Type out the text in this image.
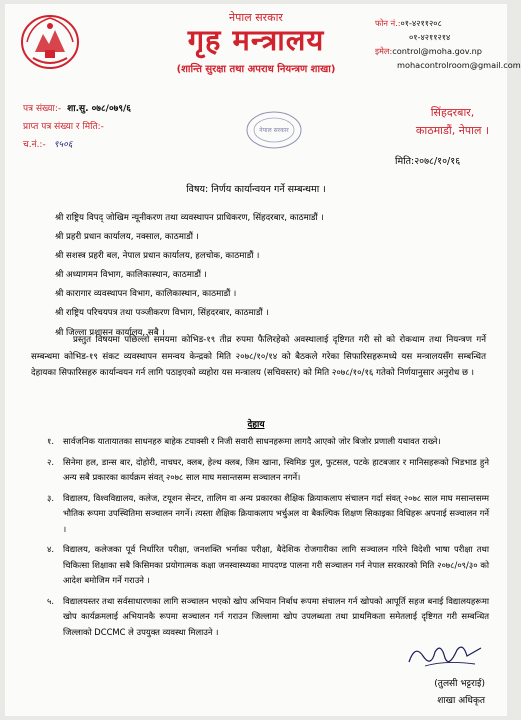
नेपाल सरकार
गृह मन्त्रालय
(शान्ति सुरक्षा तथा अपराध नियन्त्रण शाखा)
फोन नं.:०१-४२११२०८
०१-४२११२१४
इमेल:control@moha.gov.np
mohacontrolroom@gmail.com
पत्र संख्या:- शा.सु. ०७८/०७९/६
प्राप्त पत्र संख्या र मिति:-
च.नं.:- ९५०६
नेपाल सरकार
सिंहदरबार,
काठमाडौं, नेपाल ।
मिति:२०७८/१०/१६
विषय: निर्णय कार्यान्वयन गर्ने सम्बन्धमा ।
श्री राष्ट्रिय विपद् जोखिम न्यूनीकरण तथा व्यवस्थापन प्राधिकरण, सिंहदरबार, काठमाडौं ।
श्री प्रहरी प्रधान कार्यालय, नक्साल, काठमाडौं ।
श्री सशस्त्र प्रहरी बल, नेपाल प्रधान कार्यालय, हलचोक, काठमाडौं ।
श्री अध्यागमन विभाग, कालिकास्थान, काठमाडौं ।
श्री कारागार व्यवस्थापन विभाग, कालिकास्थान, काठमाडौं ।
श्री राष्ट्रिय परिचयपत्र तथा पञ्जीकरण विभाग, सिंहदरबार, काठमाडौं ।
श्री जिल्ला प्रशासन कार्यालय, सबै ।
प्रस्तुत विषयमा पछिल्लो समयमा कोभिड-१९ तीव्र रुपमा फैलिरहेको अवस्थालाई दृष्टिगत गरी सो को रोकथाम तथा नियन्त्रण गर्ने सम्बन्धमा कोभिड-१९ संकट व्यवस्थापन समन्वय केन्द्रको मिति २०७८/१०/१४ को बैठकले गरेका सिफारिसहरूमध्ये यस मन्त्रालयसँग सम्बन्धित देहायका सिफारिसहरु कार्यान्वयन गर्न लागि पठाइएको व्यहोरा यस मन्त्रालय (सचिवस्तर) को मिति २०७८/१०/१६ गतेको निर्णयानुसार अनुरोध छ ।
देहाय
१. सार्वजनिक यातायातका साधनहरु बाहेक टयाक्सी र निजी सवारी साधनहरूमा लागदै आएको जोर बिजोर प्रणाली यथावत राख्ने।
२. सिनेमा हल, डान्स बार, दोहोरी, नाचघर, क्लब, हेल्थ क्लब, जिम खाना, स्विमिङ पुल, फुटसल, पटके हाटबजार र मानिसहरूको भिडभाड हुने अन्य सबै प्रकारका कार्यक्रम संवत् २०७८ साल माघ मसान्तसम्म सञ्चालन नगर्ने।
३. विद्यालय, विश्वविद्यालय, कलेज, टयूशन सेन्टर, तालिम वा अन्य प्रकारका शैक्षिक क्रियाकलाप संचालन गर्दा संवत् २०७८ साल माघ मसान्तसम्म भौतिक रूपमा उपस्थितिमा सञ्चालन नगर्ने। त्यस्ता शैक्षिक क्रियाकलाप भर्चुअल वा बैकल्पिक शिक्षण सिकाइका विधिहरू अपनाई सञ्चालन गर्ने ।
४. विद्यालय, कलेजका पूर्व निर्धारित परीक्षा, जनशक्ति भर्नाका परीक्षा, बैदेशिक रोजगारीका लागि सञ्चालन गरिने विदेशी भाषा परीक्षा तथा चिकित्सा शिक्षाका सबै किसिमका प्रयोगात्मक कक्षा जनस्वास्थ्यका मापदण्ड पालना गरी सञ्चालन गर्न नेपाल सरकारको मिति २०७८/०९/३० को आदेश बमोजिम गर्ने गराउने ।
५. विद्यालयस्तर तथा सर्वसाधारणका लागि सञ्चालन भएको खोप अभियान निर्बाध रूपमा संचालन गर्न खोपको आपूर्ति सहज बनाई विद्यालयहरूमा खोप कार्यक्रमलाई अभियानकै रूपमा सञ्चालन गर्न गराउन जिल्लामा खोप उपलब्धता तथा प्राथमिकता समेतलाई दृष्टिगत गरी सम्बन्धित जिल्लाको DCCMC ले उपयुक्त व्यवस्था मिलाउने ।
(तुलसी भट्टराई)
शाखा अधिकृत
